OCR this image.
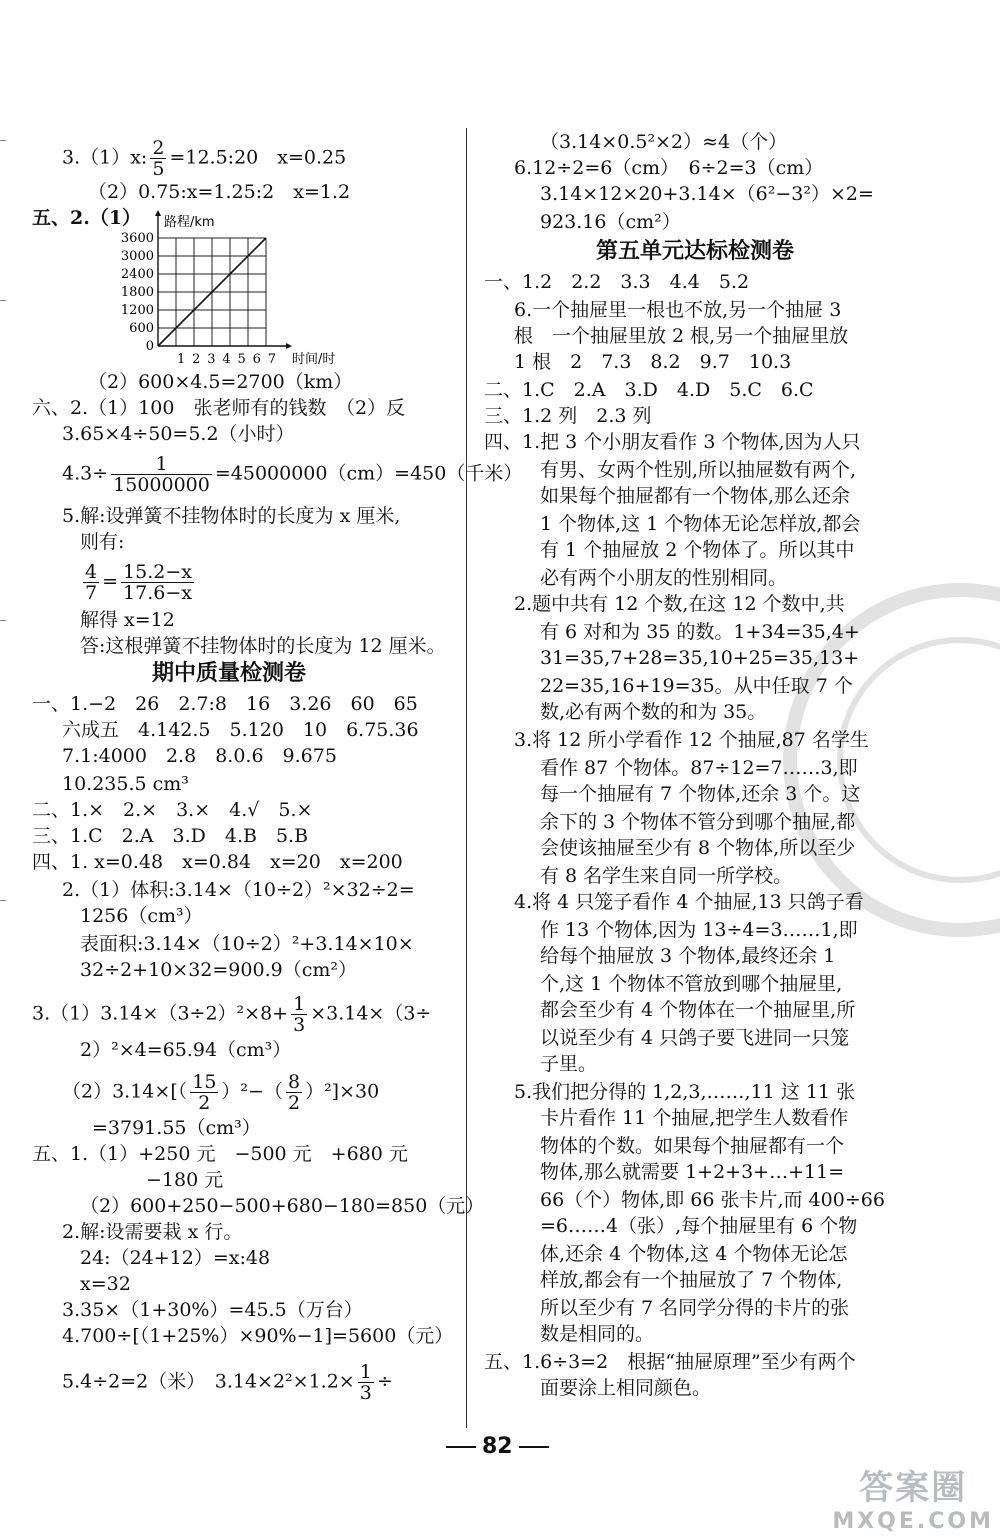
3.（1）x: $\frac{2}{5}$ =12.5:20　x=0.25
（2）0.75:x=1.25:2　x=1.2
五、2.（1）
0
600
1200
1800
2400
3000
3600
1 2 3 4 5 6 7
路程/km
时间/时
（2）600×4.5=2700（km）
六、2.（1）100　张老师有的钱数　（2）反
3.65×4÷50=5.2（小时）
$4.3\div \frac{1}{15000000} =45000000(cm)=450$（千米）
5.解:设弹簧不挂物体时的长度为 x 厘米,
则有:
$\frac{4}{7} = \frac{15.2-x}{17.6-x}$
解得 x=12
答:这根弹簧不挂物体时的长度为 12 厘米。
期中质量检测卷
一、1.−2　26　2.7:8　16　3.26　60　65
六成五　4.142.5　5.120　10　6.75.36
7.1:4000　2.8　8.0.6　9.675
10.235.5 cm³
二、1.×　2.×　3.×　4.√　5.×
三、1.C　2.A　3.D　4.B　5.B
四、1. x=0.48　x=0.84　x=20　x=200
2.（1）体积:3.14×（10÷2）²×32÷2=
1256（cm³）
表面积:3.14×（10÷2）²+3.14×10×
32÷2+10×32=900.9（cm²）
$3.(1)3.14\times(3\div 2)^2\times 8+ \frac{1}{3} \times 3.14\times(3\div$
2）²×4=65.94（cm³）
$(2)3.14\times[( \frac{15}{2} )^2-( \frac{8}{2} )^2]\times 30$
=3791.55（cm³）
五、1.（1）+250 元　−500 元　+680 元
−180 元
（2）600+250−500+680−180=850（元）
2.解:设需要栽 x 行。
24:（24+12）=x:48
x=32
3.35×（1+30%）=45.5（万台）
4.700÷[（1+25%）×90%−1]=5600（元）
5.4÷2=2（米）　$3.14\times 2^2\times 1.2\times \frac{1}{3}$ ÷
（3.14×0.5²×2）≈4（个）
6.12÷2=6（cm）　6÷2=3（cm）
3.14×12×20+3.14×（6²−3²）×2=
923.16（cm²）
第五单元达标检测卷
一、1.2　2.2　3.3　4.4　5.2
6.一个抽屉里一根也不放,另一个抽屉 3
根　一个抽屉里放 2 根,另一个抽屉里放
1 根　2　7.3　8.2　9.7　10.3
二、1.C　2.A　3.D　4.D　5.C　6.C
三、1.2 列　2.3 列
四、1.把 3 个小朋友看作 3 个物体,因为人只
有男、女两个性别,所以抽屉数有两个,
如果每个抽屉都有一个物体,那么还余
1 个物体,这 1 个物体无论怎样放,都会
有 1 个抽屉放 2 个物体了。所以其中
必有两个小朋友的性别相同。
2.题中共有 12 个数,在这 12 个数中,共
有 6 对和为 35 的数。1+34=35,4+
31=35,7+28=35,10+25=35,13+
22=35,16+19=35。从中任取 7 个
数,必有两个数的和为 35。
3.将 12 所小学看作 12 个抽屉,87 名学生
看作 87 个物体。87÷12=7……3,即
每一个抽屉有 7 个物体,还余 3 个。这
余下的 3 个物体不管分到哪个抽屉,都
会使该抽屉至少有 8 个物体,所以至少
有 8 名学生来自同一所学校。
4.将 4 只笼子看作 4 个抽屉,13 只鸽子看
作 13 个物体,因为 13÷4=3……1,即
给每个抽屉放 3 个物体,最终还余 1
个,这 1 个物体不管放到哪个抽屉里,
都会至少有 4 个物体在一个抽屉里,所
以说至少有 4 只鸽子要飞进同一只笼
子里。
5.我们把分得的 1,2,3,……,11 这 11 张
卡片看作 11 个抽屉,把学生人数看作
物体的个数。如果每个抽屉都有一个
物体,那么就需要 1+2+3+…+11=
66（个）物体,即 66 张卡片,而 400÷66
=6……4（张）,每个抽屉里有 6 个物
体,还余 4 个物体,这 4 个物体无论怎
样放,都会有一个抽屉放了 7 个物体,
所以至少有 7 名同学分得的卡片的张
数是相同的。
五、1.6÷3=2　根据“抽屉原理”至少有两个
面要涂上相同颜色。
82
答案圈
MXQE.COM
